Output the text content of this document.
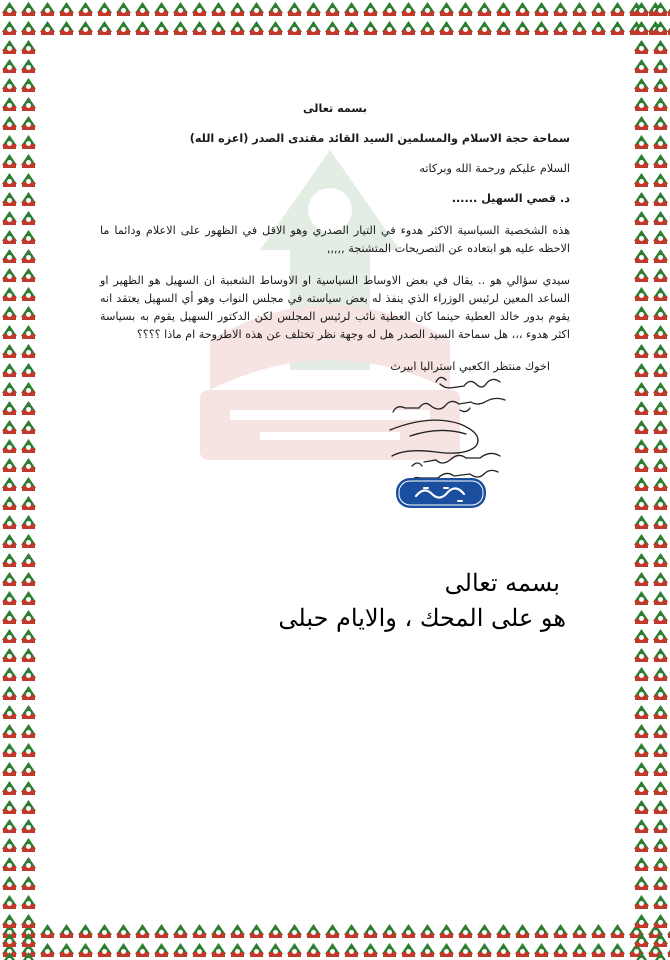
بسمه تعالى

سماحة حجة الاسلام والمسلمين السيد القائد مقتدى الصدر (اعزه الله)

السلام عليكم ورحمة الله وبركاته

د. قصي السهيل ......

هذه الشخصية السياسية الاكثر هدوء في التيار الصدري وهو الاقل في الظهور على الاعلام ودائما ما الاحظه عليه هو ابتعاده عن التصريحات المتشنجة ,,,,,

سيدي سؤالي هو .. يقال في بعض الاوساط السياسية او الاوساط الشعبية ان السهيل هو الظهير او الساعد المعين لرئيس الوزراء الذي ينفذ له بعض سياسته في مجلس النواب وهو أي السهيل يعتقد انه يقوم بدور خالد العطية حينما كان العطية نائب لرئيس المجلس لكن الدكتور السهيل يقوم به بسياسة اكثر هدوء ،،، هل سماحة السيد الصدر هل له وجهة نظر تختلف عن هذه الاطروحة ام ماذا ؟؟؟؟

اخوك منتظر الكعبي استراليا ابيرث

بسمه تعالى

هو على المحك ، والايام حبلى
